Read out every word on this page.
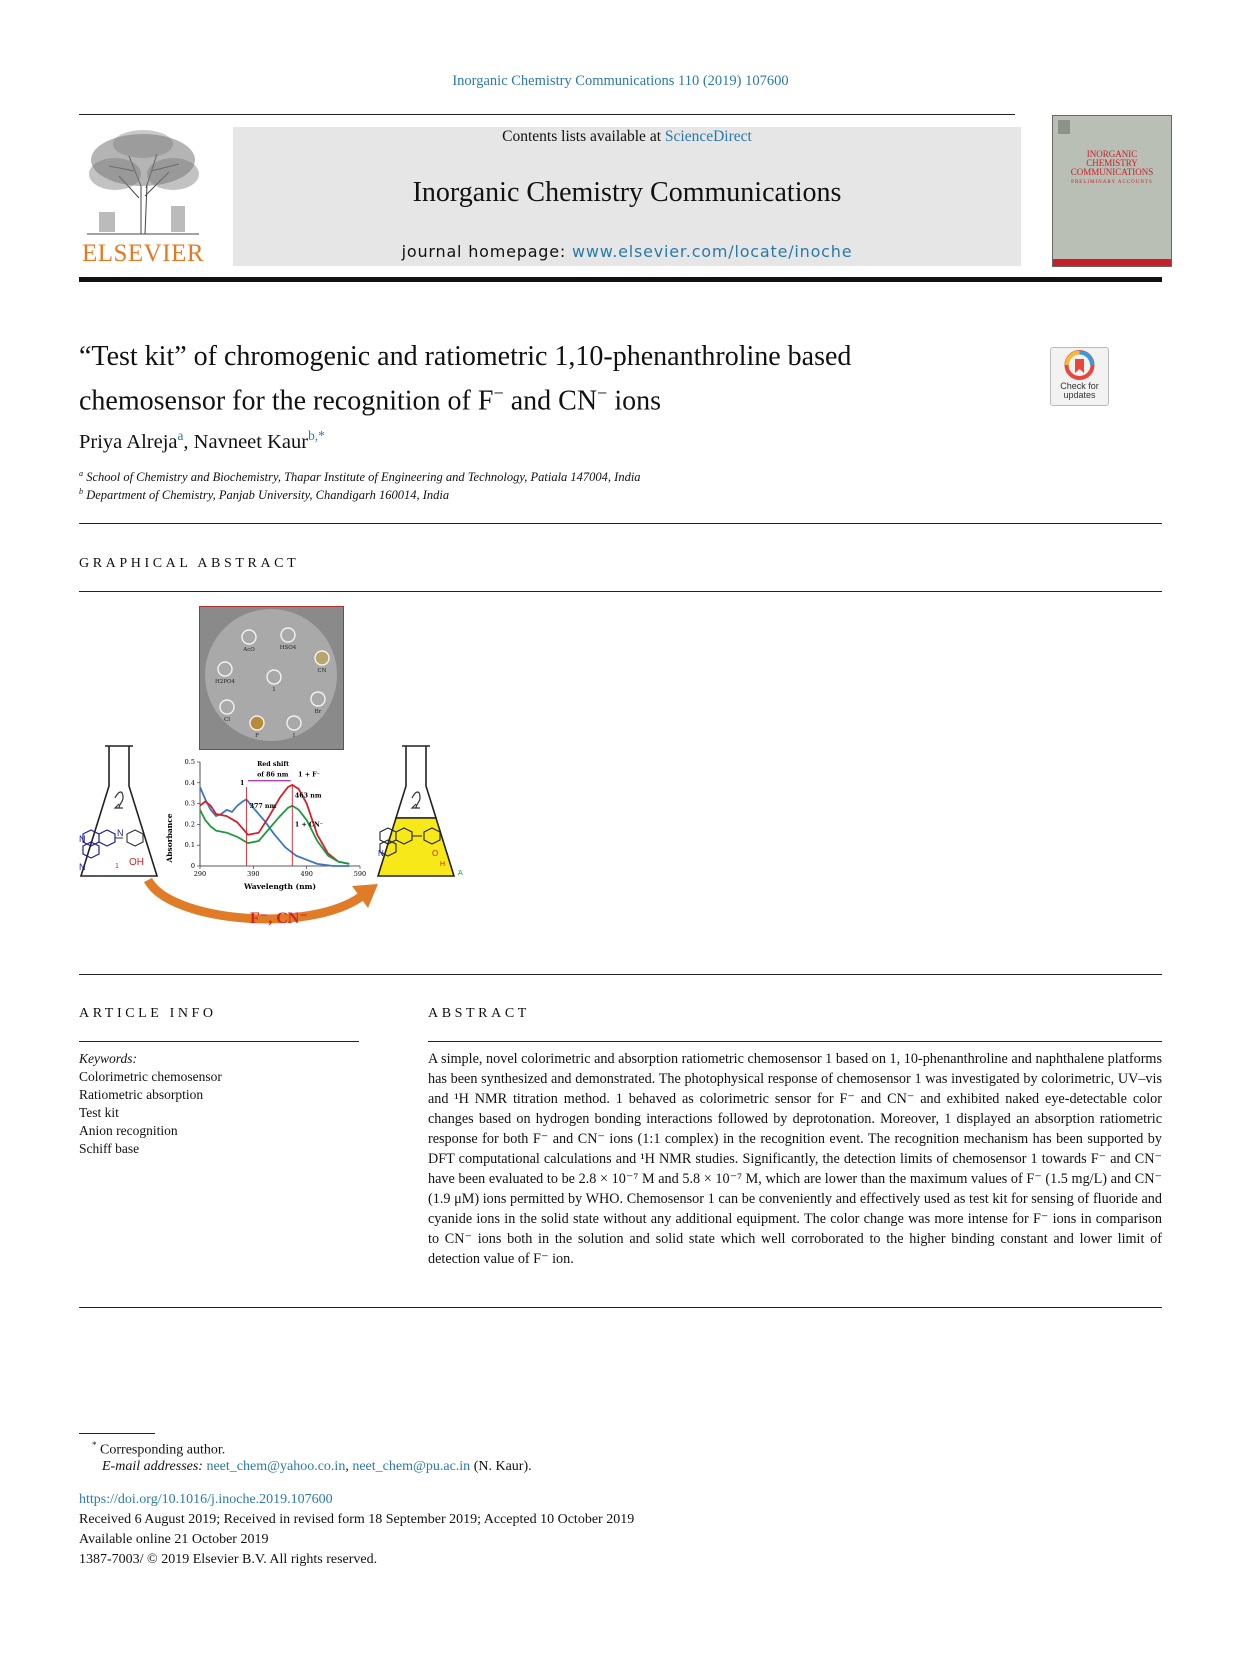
Inorganic Chemistry Communications 110 (2019) 107600
ELSEVIER
Contents lists available at ScienceDirect
Inorganic Chemistry Communications
journal homepage: www.elsevier.com/locate/inoche
INORGANIC
CHEMISTRY
COMMUNICATIONS
PRELIMINARY ACCOUNTS
“Test kit” of chromogenic and ratiometric 1,10-phenanthroline based
chemosensor for the recognition of F− and CN− ions	Check for updates
Priya Alreja$^a$, Navneet Kaur$^{b,*}$
$^a$ School of Chemistry and Biochemistry, Thapar Institute of Engineering and Technology, Patiala 147004, India
$^b$ Department of Chemistry, Panjab University, Chandigarh 160014, India
GRAPHICAL ABSTRACT
AcO	HSO4
CN
H2PO4
1
Br
Cl
F	I
N
N
N	OH
1
Absorbance
Wavelength (nm)
290	390	490	590
0
0.1
0.2
0.3
0.4
0.5	Red shift
of 86 nm 1 + F⁻
1
377 nm
463 nm
1 + CN⁻
N	O
H
A
F⁻, CN⁻
ARTICLE INFO
Keywords:
Colorimetric chemosensor
Ratiometric absorption
Test kit
Anion recognition
Schiff base
ABSTRACT
A simple, novel colorimetric and absorption ratiometric chemosensor 1 based on 1, 10-phenanthroline and naphthalene platforms has been synthesized and demonstrated. The photophysical response of chemosensor 1 was investigated by colorimetric, UV–vis and ¹H NMR titration method. 1 behaved as colorimetric sensor for F⁻ and CN⁻ and exhibited naked eye-detectable color changes based on hydrogen bonding interactions followed by deprotonation. Moreover, 1 displayed an absorption ratiometric response for both F⁻ and CN⁻ ions (1:1 complex) in the recognition event. The recognition mechanism has been supported by DFT computational calculations and ¹H NMR studies. Significantly, the detection limits of chemosensor 1 towards F⁻ and CN⁻ have been evaluated to be 2.8 × 10⁻⁷ M and 5.8 × 10⁻⁷ M, which are lower than the maximum values of F⁻ (1.5 mg/L) and CN⁻ (1.9 μM) ions permitted by WHO. Chemosensor 1 can be conveniently and effectively used as test kit for sensing of fluoride and cyanide ions in the solid state without any additional equipment. The color change was more intense for F⁻ ions in comparison to CN⁻ ions both in the solution and solid state which well corroborated to the higher binding constant and lower limit of detection value of F⁻ ion.
* Corresponding author.
E-mail addresses: neet_chem@yahoo.co.in, neet_chem@pu.ac.in (N. Kaur).
https://doi.org/10.1016/j.inoche.2019.107600
Received 6 August 2019; Received in revised form 18 September 2019; Accepted 10 October 2019
Available online 21 October 2019
1387-7003/ © 2019 Elsevier B.V. All rights reserved.
